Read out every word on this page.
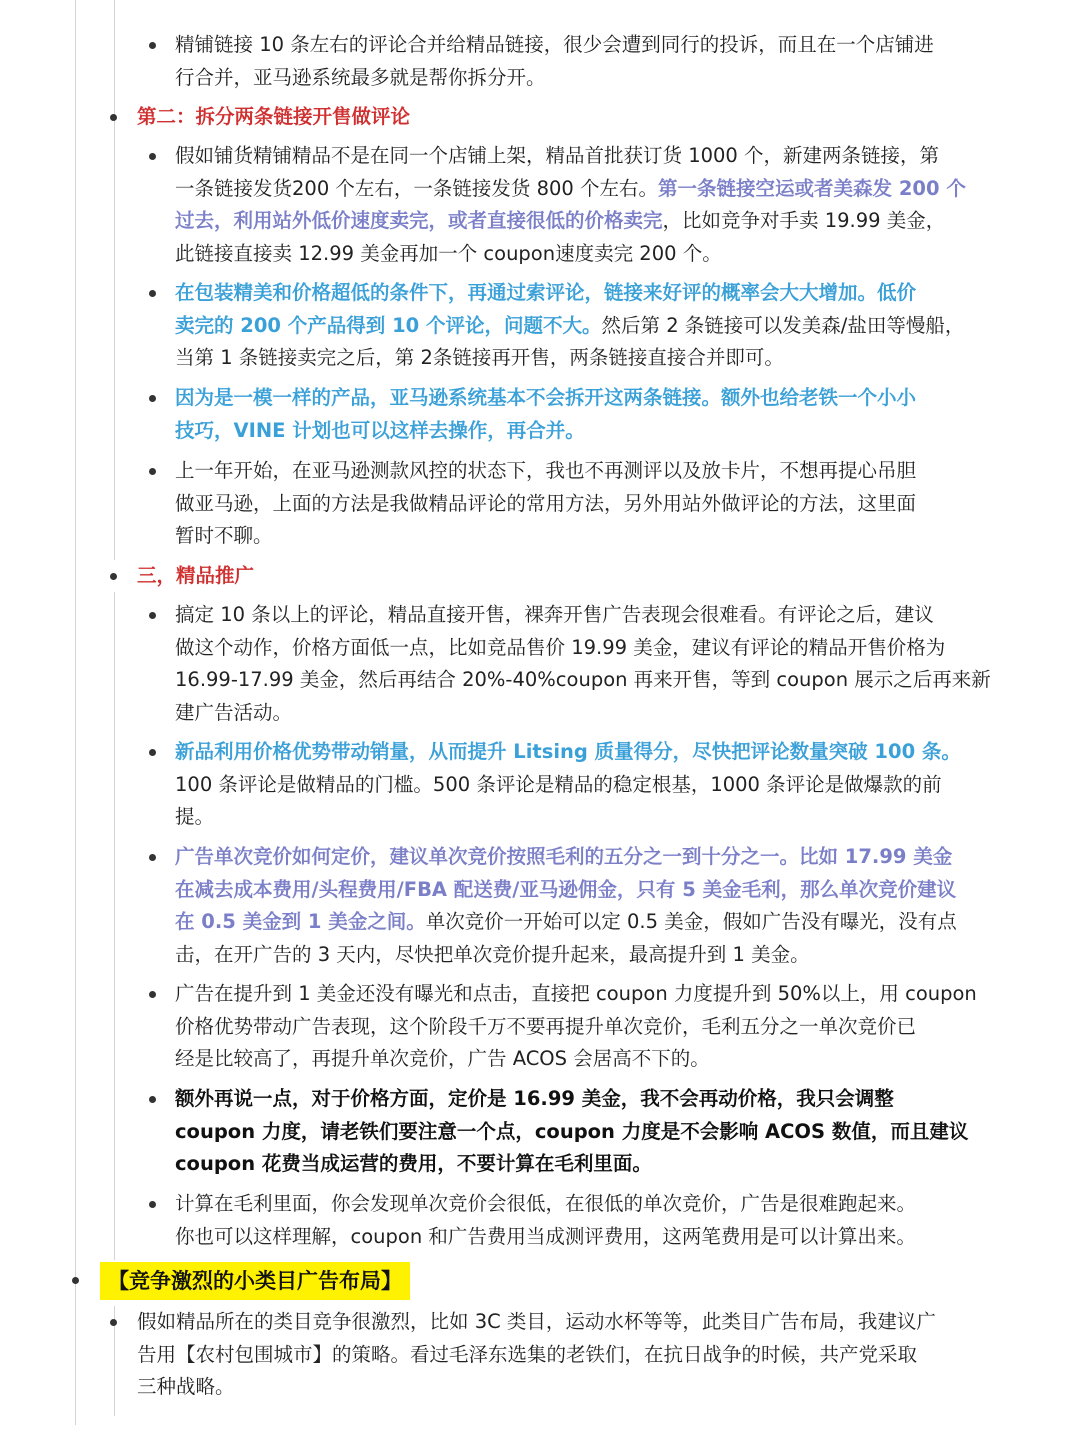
精铺链接 10 条左右的评论合并给精品链接，很少会遭到同行的投诉，而且在一个店铺进
行合并，亚马逊系统最多就是帮你拆分开。
第二：拆分两条链接开售做评论
假如铺货精铺精品不是在同一个店铺上架，精品首批获订货 1000 个，新建两条链接，第
一条链接发货200 个左右，一条链接发货 800 个左右。第一条链接空运或者美森发 200 个
过去，利用站外低价速度卖完，或者直接很低的价格卖完，比如竞争对手卖 19.99 美金，
此链接直接卖 12.99 美金再加一个 coupon速度卖完 200 个。
在包装精美和价格超低的条件下，再通过索评论，链接来好评的概率会大大增加。低价
卖完的 200 个产品得到 10 个评论，问题不大。然后第 2 条链接可以发美森/盐田等慢船，
当第 1 条链接卖完之后，第 2条链接再开售，两条链接直接合并即可。
因为是一模一样的产品，亚马逊系统基本不会拆开这两条链接。额外也给老铁一个小小
技巧，VINE 计划也可以这样去操作，再合并。
上一年开始，在亚马逊测款风控的状态下，我也不再测评以及放卡片，不想再提心吊胆
做亚马逊，上面的方法是我做精品评论的常用方法，另外用站外做评论的方法，这里面
暂时不聊。
三，精品推广
搞定 10 条以上的评论，精品直接开售，裸奔开售广告表现会很难看。有评论之后，建议
做这个动作，价格方面低一点，比如竞品售价 19.99 美金，建议有评论的精品开售价格为
16.99-17.99 美金，然后再结合 20%-40%coupon 再来开售，等到 coupon 展示之后再来新
建广告活动。
新品利用价格优势带动销量，从而提升 Litsing 质量得分，尽快把评论数量突破 100 条。
100 条评论是做精品的门槛。500 条评论是精品的稳定根基，1000 条评论是做爆款的前
提。
广告单次竞价如何定价，建议单次竞价按照毛利的五分之一到十分之一。比如 17.99 美金
在减去成本费用/头程费用/FBA 配送费/亚马逊佣金，只有 5 美金毛利，那么单次竞价建议
在 0.5 美金到 1 美金之间。单次竞价一开始可以定 0.5 美金，假如广告没有曝光，没有点
击，在开广告的 3 天内，尽快把单次竞价提升起来，最高提升到 1 美金。
广告在提升到 1 美金还没有曝光和点击，直接把 coupon 力度提升到 50%以上，用 coupon
价格优势带动广告表现，这个阶段千万不要再提升单次竞价，毛利五分之一单次竞价已
经是比较高了，再提升单次竞价，广告 ACOS 会居高不下的。
额外再说一点，对于价格方面，定价是 16.99 美金，我不会再动价格，我只会调整
coupon 力度，请老铁们要注意一个点，coupon 力度是不会影响 ACOS 数值，而且建议
coupon 花费当成运营的费用，不要计算在毛利里面。
计算在毛利里面，你会发现单次竞价会很低，在很低的单次竞价，广告是很难跑起来。
你也可以这样理解，coupon 和广告费用当成测评费用，这两笔费用是可以计算出来。
【竞争激烈的小类目广告布局】
假如精品所在的类目竞争很激烈，比如 3C 类目，运动水杯等等，此类目广告布局，我建议广
告用【农村包围城市】的策略。看过毛泽东选集的老铁们，在抗日战争的时候，共产党采取
三种战略。
